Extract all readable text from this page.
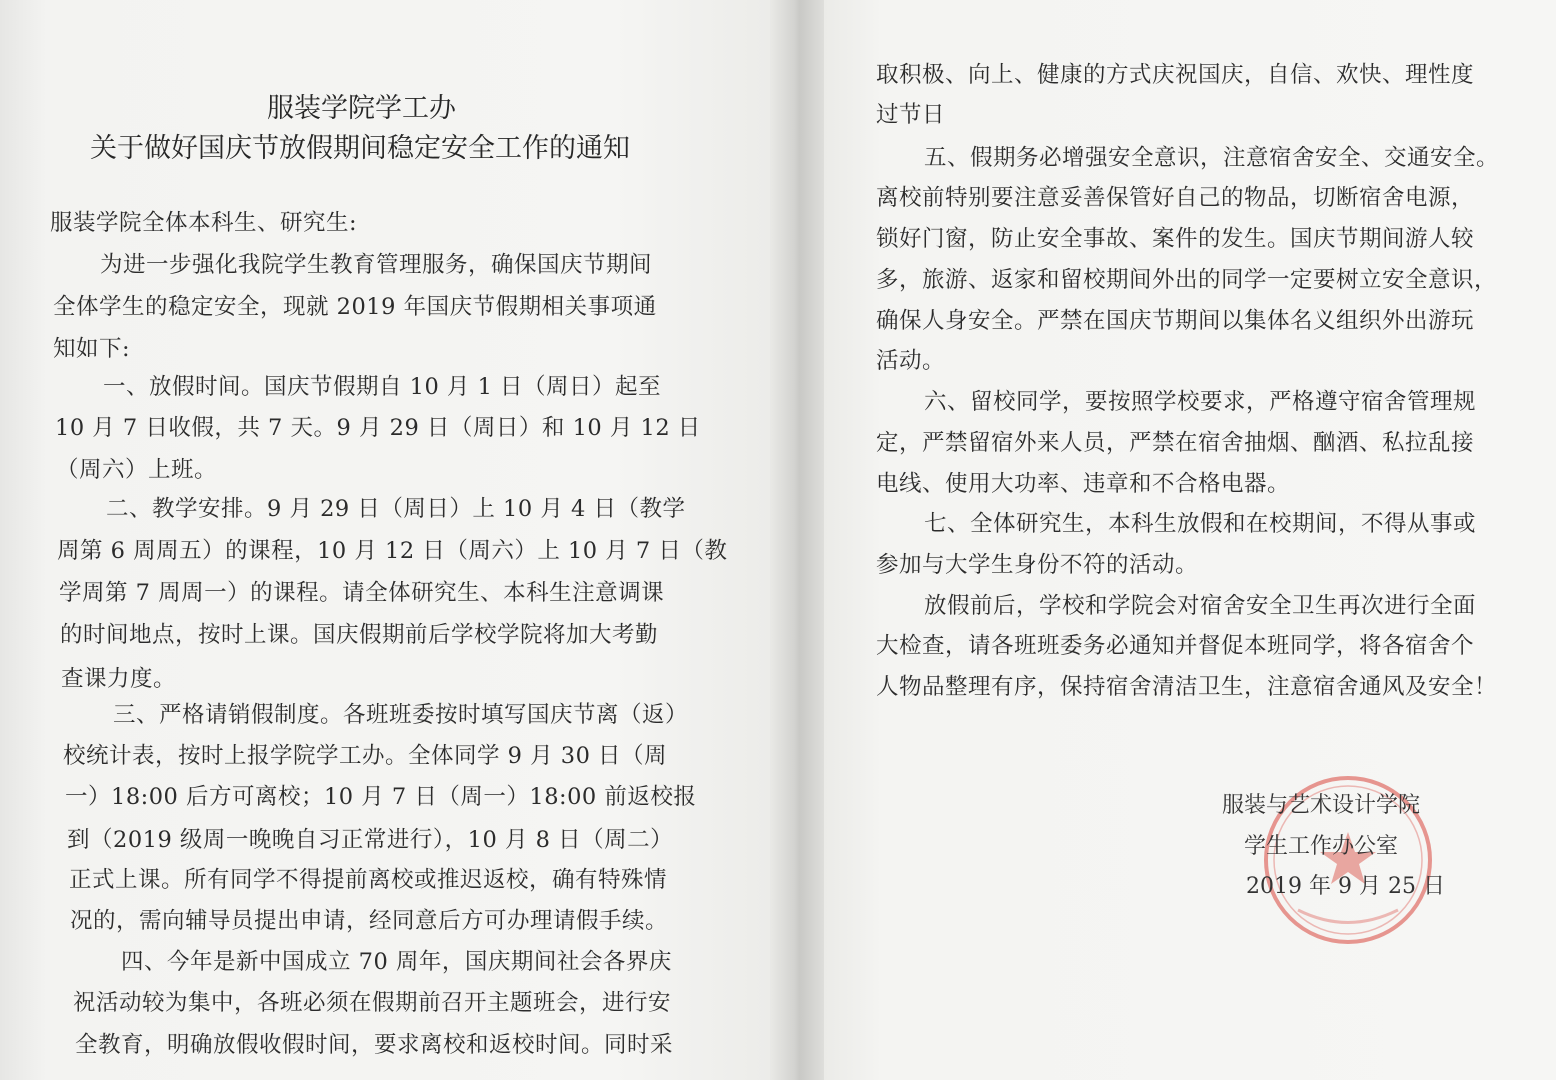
服装学院学工办
关于做好国庆节放假期间稳定安全工作的通知
服装学院全体本科生、研究生:
为进一步强化我院学生教育管理服务，确保国庆节期间
全体学生的稳定安全，现就 2019 年国庆节假期相关事项通
知如下:
一、放假时间。国庆节假期自 10 月 1 日（周日）起至
10 月 7 日收假，共 7 天。9 月 29 日（周日）和 10 月 12 日
（周六）上班。
二、教学安排。9 月 29 日（周日）上 10 月 4 日（教学
周第 6 周周五）的课程，10 月 12 日（周六）上 10 月 7 日（教
学周第 7 周周一）的课程。请全体研究生、本科生注意调课
的时间地点，按时上课。国庆假期前后学校学院将加大考勤
查课力度。
三、严格请销假制度。各班班委按时填写国庆节离（返）
校统计表，按时上报学院学工办。全体同学 9 月 30 日（周
一）18:00 后方可离校；10 月 7 日（周一）18:00 前返校报
到（2019 级周一晚晚自习正常进行），10 月 8 日（周二）
正式上课。所有同学不得提前离校或推迟返校，确有特殊情
况的，需向辅导员提出申请，经同意后方可办理请假手续。
四、今年是新中国成立 70 周年，国庆期间社会各界庆
祝活动较为集中，各班必须在假期前召开主题班会，进行安
全教育，明确放假收假时间，要求离校和返校时间。同时采
取积极、向上、健康的方式庆祝国庆，自信、欢快、理性度
过节日
五、假期务必增强安全意识，注意宿舍安全、交通安全。
离校前特别要注意妥善保管好自己的物品，切断宿舍电源，
锁好门窗，防止安全事故、案件的发生。国庆节期间游人较
多，旅游、返家和留校期间外出的同学一定要树立安全意识，
确保人身安全。严禁在国庆节期间以集体名义组织外出游玩
活动。
六、留校同学，要按照学校要求，严格遵守宿舍管理规
定，严禁留宿外来人员，严禁在宿舍抽烟、酗酒、私拉乱接
电线、使用大功率、违章和不合格电器。
七、全体研究生，本科生放假和在校期间，不得从事或
参加与大学生身份不符的活动。
放假前后，学校和学院会对宿舍安全卫生再次进行全面
大检查，请各班班委务必通知并督促本班同学，将各宿舍个
人物品整理有序，保持宿舍清洁卫生，注意宿舍通风及安全！
服装与艺术设计学院
学生工作办公室
2019 年 9 月 25 日
